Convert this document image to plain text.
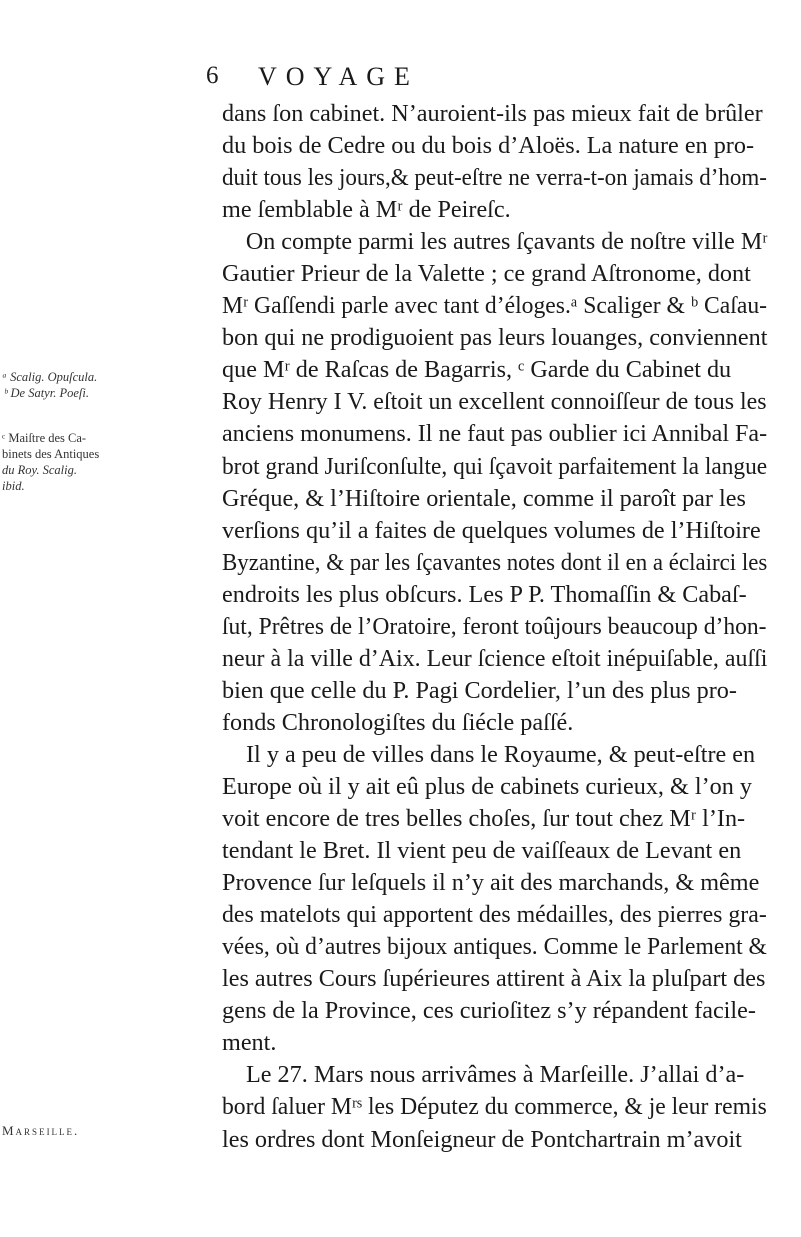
6 VOYAGE
ᵃ Scalig. Opuſcula.
ᵇ De Satyr. Poeſi.
ᶜ Maiſtre des Ca-
binets des Antiques
du Roy. Scalig.
ibid.
Marseille.
dans ſon cabinet. N’auroient-ils pas mieux fait de brûler
du bois de Cedre ou du bois d’Aloës. La nature en pro-
duit tous les jours,& peut-eſtre ne verra-t-on jamais d’hom-
me ſemblable à Mʳ de Peireſc.
On compte parmi les autres ſçavants de noſtre ville Mʳ
Gautier Prieur de la Valette ; ce grand Aſtronome, dont
Mʳ Gaſſendi parle avec tant d’éloges.ᵃ Scaliger & ᵇ Caſau-
bon qui ne prodiguoient pas leurs louanges, conviennent
que Mʳ de Raſcas de Bagarris, ᶜ Garde du Cabinet du
Roy Henry I V. eſtoit un excellent connoiſſeur de tous les
anciens monumens. Il ne faut pas oublier ici Annibal Fa-
brot grand Juriſconſulte, qui ſçavoit parfaitement la langue
Gréque, & l’Hiſtoire orientale, comme il paroît par les
verſions qu’il a faites de quelques volumes de l’Hiſtoire
Byzantine, & par les ſçavantes notes dont il en a éclairci les
endroits les plus obſcurs. Les P P. Thomaſſin & Cabaſ-
ſut, Prêtres de l’Oratoire, feront toûjours beaucoup d’hon-
neur à la ville d’Aix. Leur ſcience eſtoit inépuiſable, auſſi
bien que celle du P. Pagi Cordelier, l’un des plus pro-
fonds Chronologiſtes du ſiécle paſſé.
Il y a peu de villes dans le Royaume, & peut-eſtre en
Europe où il y ait eû plus de cabinets curieux, & l’on y
voit encore de tres belles choſes, ſur tout chez Mʳ l’In-
tendant le Bret. Il vient peu de vaiſſeaux de Levant en
Provence ſur leſquels il n’y ait des marchands, & même
des matelots qui apportent des médailles, des pierres gra-
vées, où d’autres bijoux antiques. Comme le Parlement &
les autres Cours ſupérieures attirent à Aix la pluſpart des
gens de la Province, ces curioſitez s’y répandent facile-
ment.
Le 27. Mars nous arrivâmes à Marſeille. J’allai d’a-
bord ſaluer Mʳˢ les Députez du commerce, & je leur remis
les ordres dont Monſeigneur de Pontchartrain m’avoit
